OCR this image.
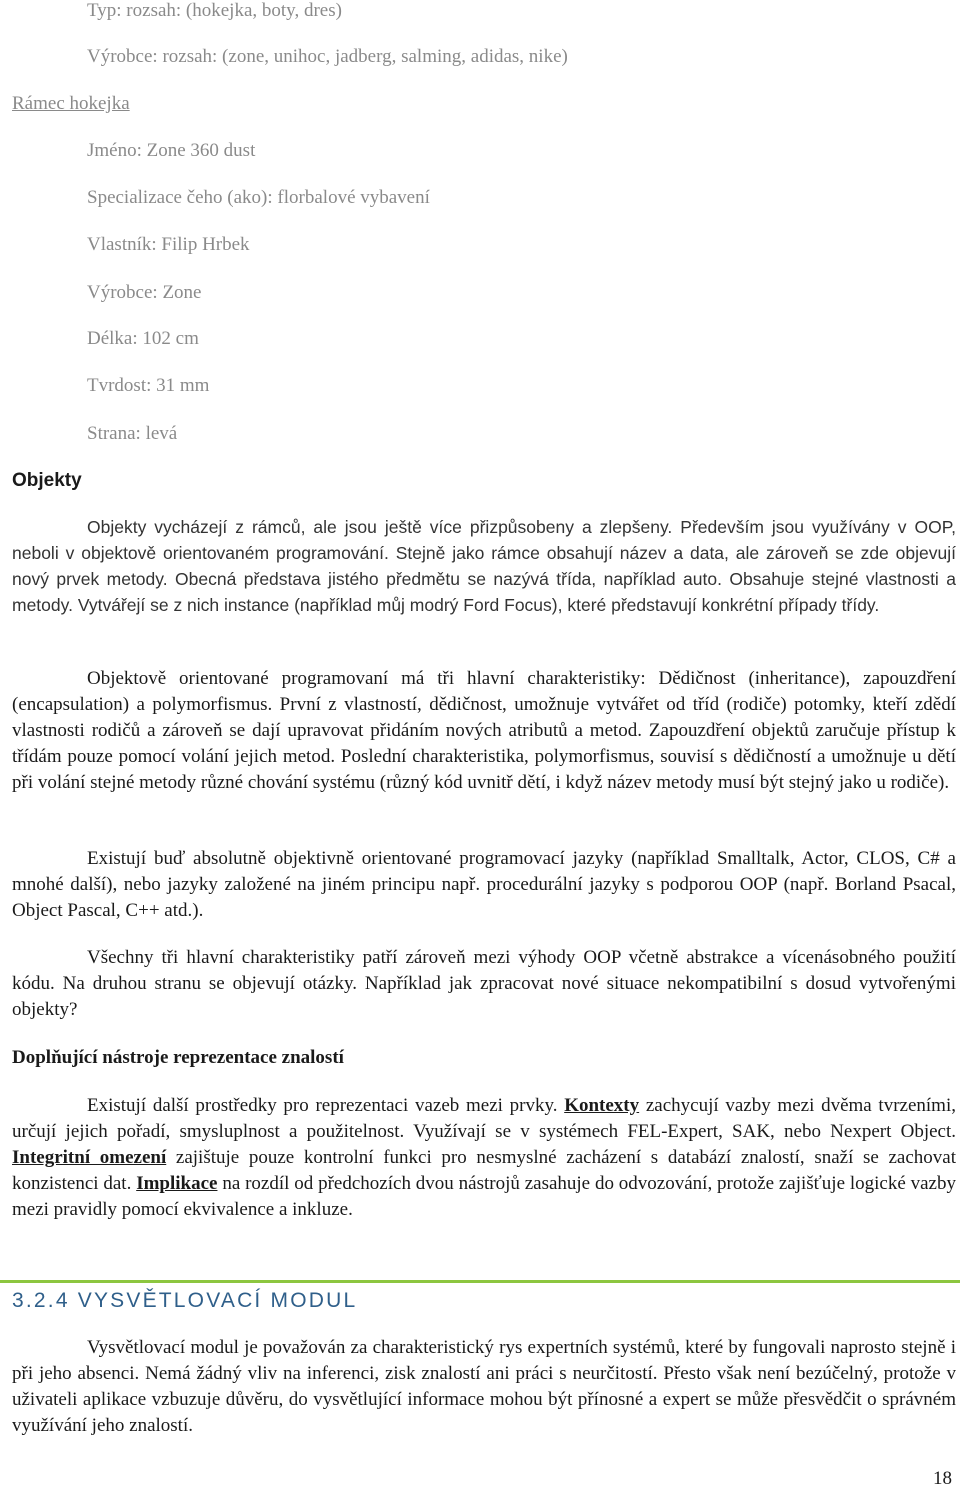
Typ: rozsah: (hokejka, boty, dres)
Výrobce: rozsah: (zone, unihoc, jadberg, salming, adidas, nike)
Rámec hokejka
Jméno: Zone 360 dust
Specializace čeho (ako): florbalové vybavení
Vlastník: Filip Hrbek
Výrobce: Zone
Délka: 102 cm
Tvrdost: 31 mm
Strana: levá
Objekty

Objekty vycházejí z rámců, ale jsou ještě více přizpůsobeny a zlepšeny. Především jsou využívány v OOP, neboli v objektově orientovaném programování. Stejně jako rámce obsahují název a data, ale zároveň se zde objevují nový prvek metody. Obecná představa jistého předmětu se nazývá třída, například auto. Obsahuje stejné vlastnosti a metody. Vytvářejí se z nich instance (například můj modrý Ford Focus), které představují konkrétní případy třídy.

Objektově orientované programovaní má tři hlavní charakteristiky: Dědičnost (inheritance), zapouzdření (encapsulation) a polymorfismus. První z vlastností, dědičnost, umožnuje vytvářet od tříd (rodiče) potomky, kteří zdědí vlastnosti rodičů a zároveň se dají upravovat přidáním nových atributů a metod. Zapouzdření objektů zaručuje přístup k třídám pouze pomocí volání jejich metod. Poslední charakteristika, polymorfismus, souvisí s dědičností a umožnuje u dětí při volání stejné metody různé chování systému (různý kód uvnitř dětí, i když název metody musí být stejný jako u rodiče).

Existují buď absolutně objektivně orientované programovací jazyky (například Smalltalk, Actor, CLOS, C# a mnohé další), nebo jazyky založené na jiném principu např. procedurální jazyky s podporou OOP (např. Borland Psacal, Object Pascal, C++ atd.).

Všechny tři hlavní charakteristiky patří zároveň mezi výhody OOP včetně abstrakce a vícenásobného použití kódu. Na druhou stranu se objevují otázky. Například jak zpracovat nové situace nekompatibilní s dosud vytvořenými objekty?

Doplňující nástroje reprezentace znalostí

Existují další prostředky pro reprezentaci vazeb mezi prvky. Kontexty zachycují vazby mezi dvěma tvrzeními, určují jejich pořadí, smysluplnost a použitelnost. Využívají se v systémech FEL-Expert, SAK, nebo Nexpert Object. Integritní omezení zajištuje pouze kontrolní funkci pro nesmyslné zacházení s databází znalostí, snaží se zachovat konzistenci dat. Implikace na rozdíl od předchozích dvou nástrojů zasahuje do odvozování, protože zajišťuje logické vazby mezi pravidly pomocí ekvivalence a inkluze.

3.2.4 VYSVĚTLOVACÍ MODUL

Vysvětlovací modul je považován za charakteristický rys expertních systémů, které by fungovali naprosto stejně i při jeho absenci. Nemá žádný vliv na inferenci, zisk znalostí ani práci s neurčitostí. Přesto však není bezúčelný, protože v uživateli aplikace vzbuzuje důvěru, do vysvětlující informace mohou být přínosné a expert se může přesvědčit o správném využívání jeho znalostí.

18
